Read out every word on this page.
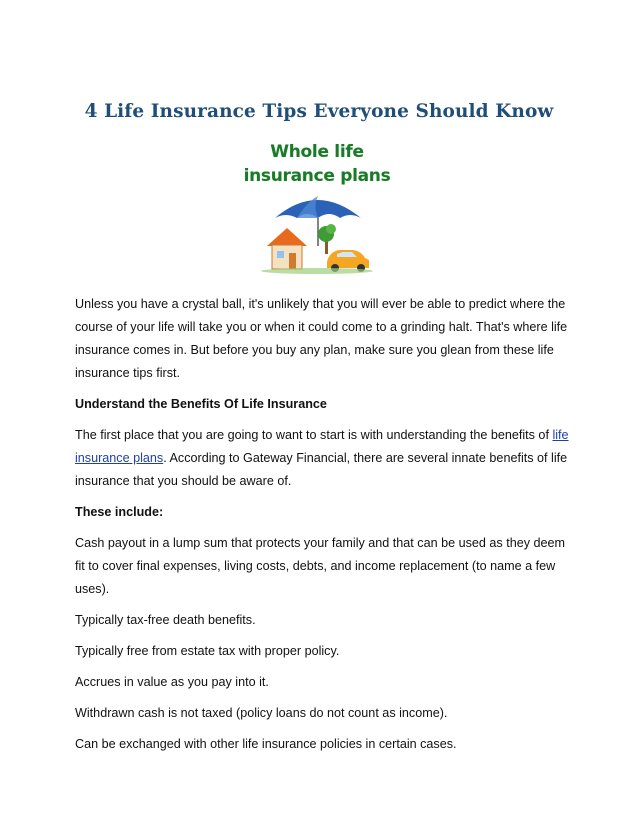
4 Life Insurance Tips Everyone Should Know
Whole life
insurance plans

Unless you have a crystal ball, it's unlikely that you will ever be able to predict where the course of your life will take you or when it could come to a grinding halt. That's where life insurance comes in. But before you buy any plan, make sure you glean from these life insurance tips first.

Understand the Benefits Of Life Insurance

The first place that you are going to want to start is with understanding the benefits of life insurance plans. According to Gateway Financial, there are several innate benefits of life insurance that you should be aware of.

These include:

Cash payout in a lump sum that protects your family and that can be used as they deem fit to cover final expenses, living costs, debts, and income replacement (to name a few uses).

Typically tax-free death benefits.

Typically free from estate tax with proper policy.

Accrues in value as you pay into it.

Withdrawn cash is not taxed (policy loans do not count as income).

Can be exchanged with other life insurance policies in certain cases.
